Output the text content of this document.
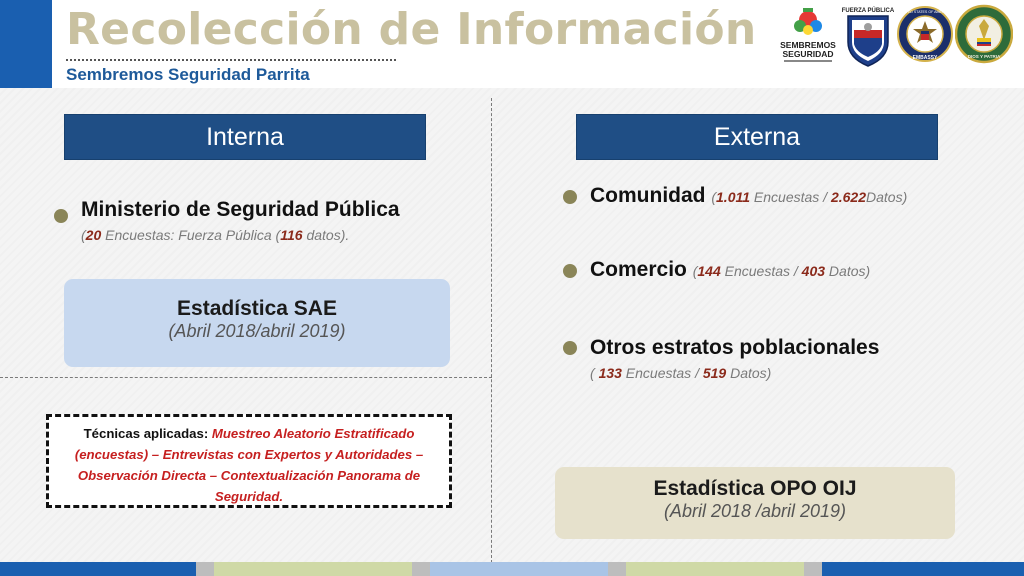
Recolección de Información
Sembremos Seguridad Parrita
SEMBREMOS
SEGURIDAD
FUERZA PÚBLICA UNITED STATES OF AMERICA
EMBASSY	DIOS Y PATRIA
Interna
Ministerio de Seguridad Pública
(20 Encuestas: Fuerza Pública (116 datos).
Estadística SAE
(Abril 2018/abril 2019)
Técnicas aplicadas: Muestreo Aleatorio Estratificado (encuestas) – Entrevistas con Expertos y Autoridades – Observación Directa – Contextualización Panorama de Seguridad.
Externa
Comunidad (1.011 Encuestas / 2.622Datos)
Comercio (144 Encuestas / 403 Datos)
Otros estratos poblacionales
( 133 Encuestas / 519 Datos)
Estadística OPO OIJ
(Abril 2018 /abril 2019)
